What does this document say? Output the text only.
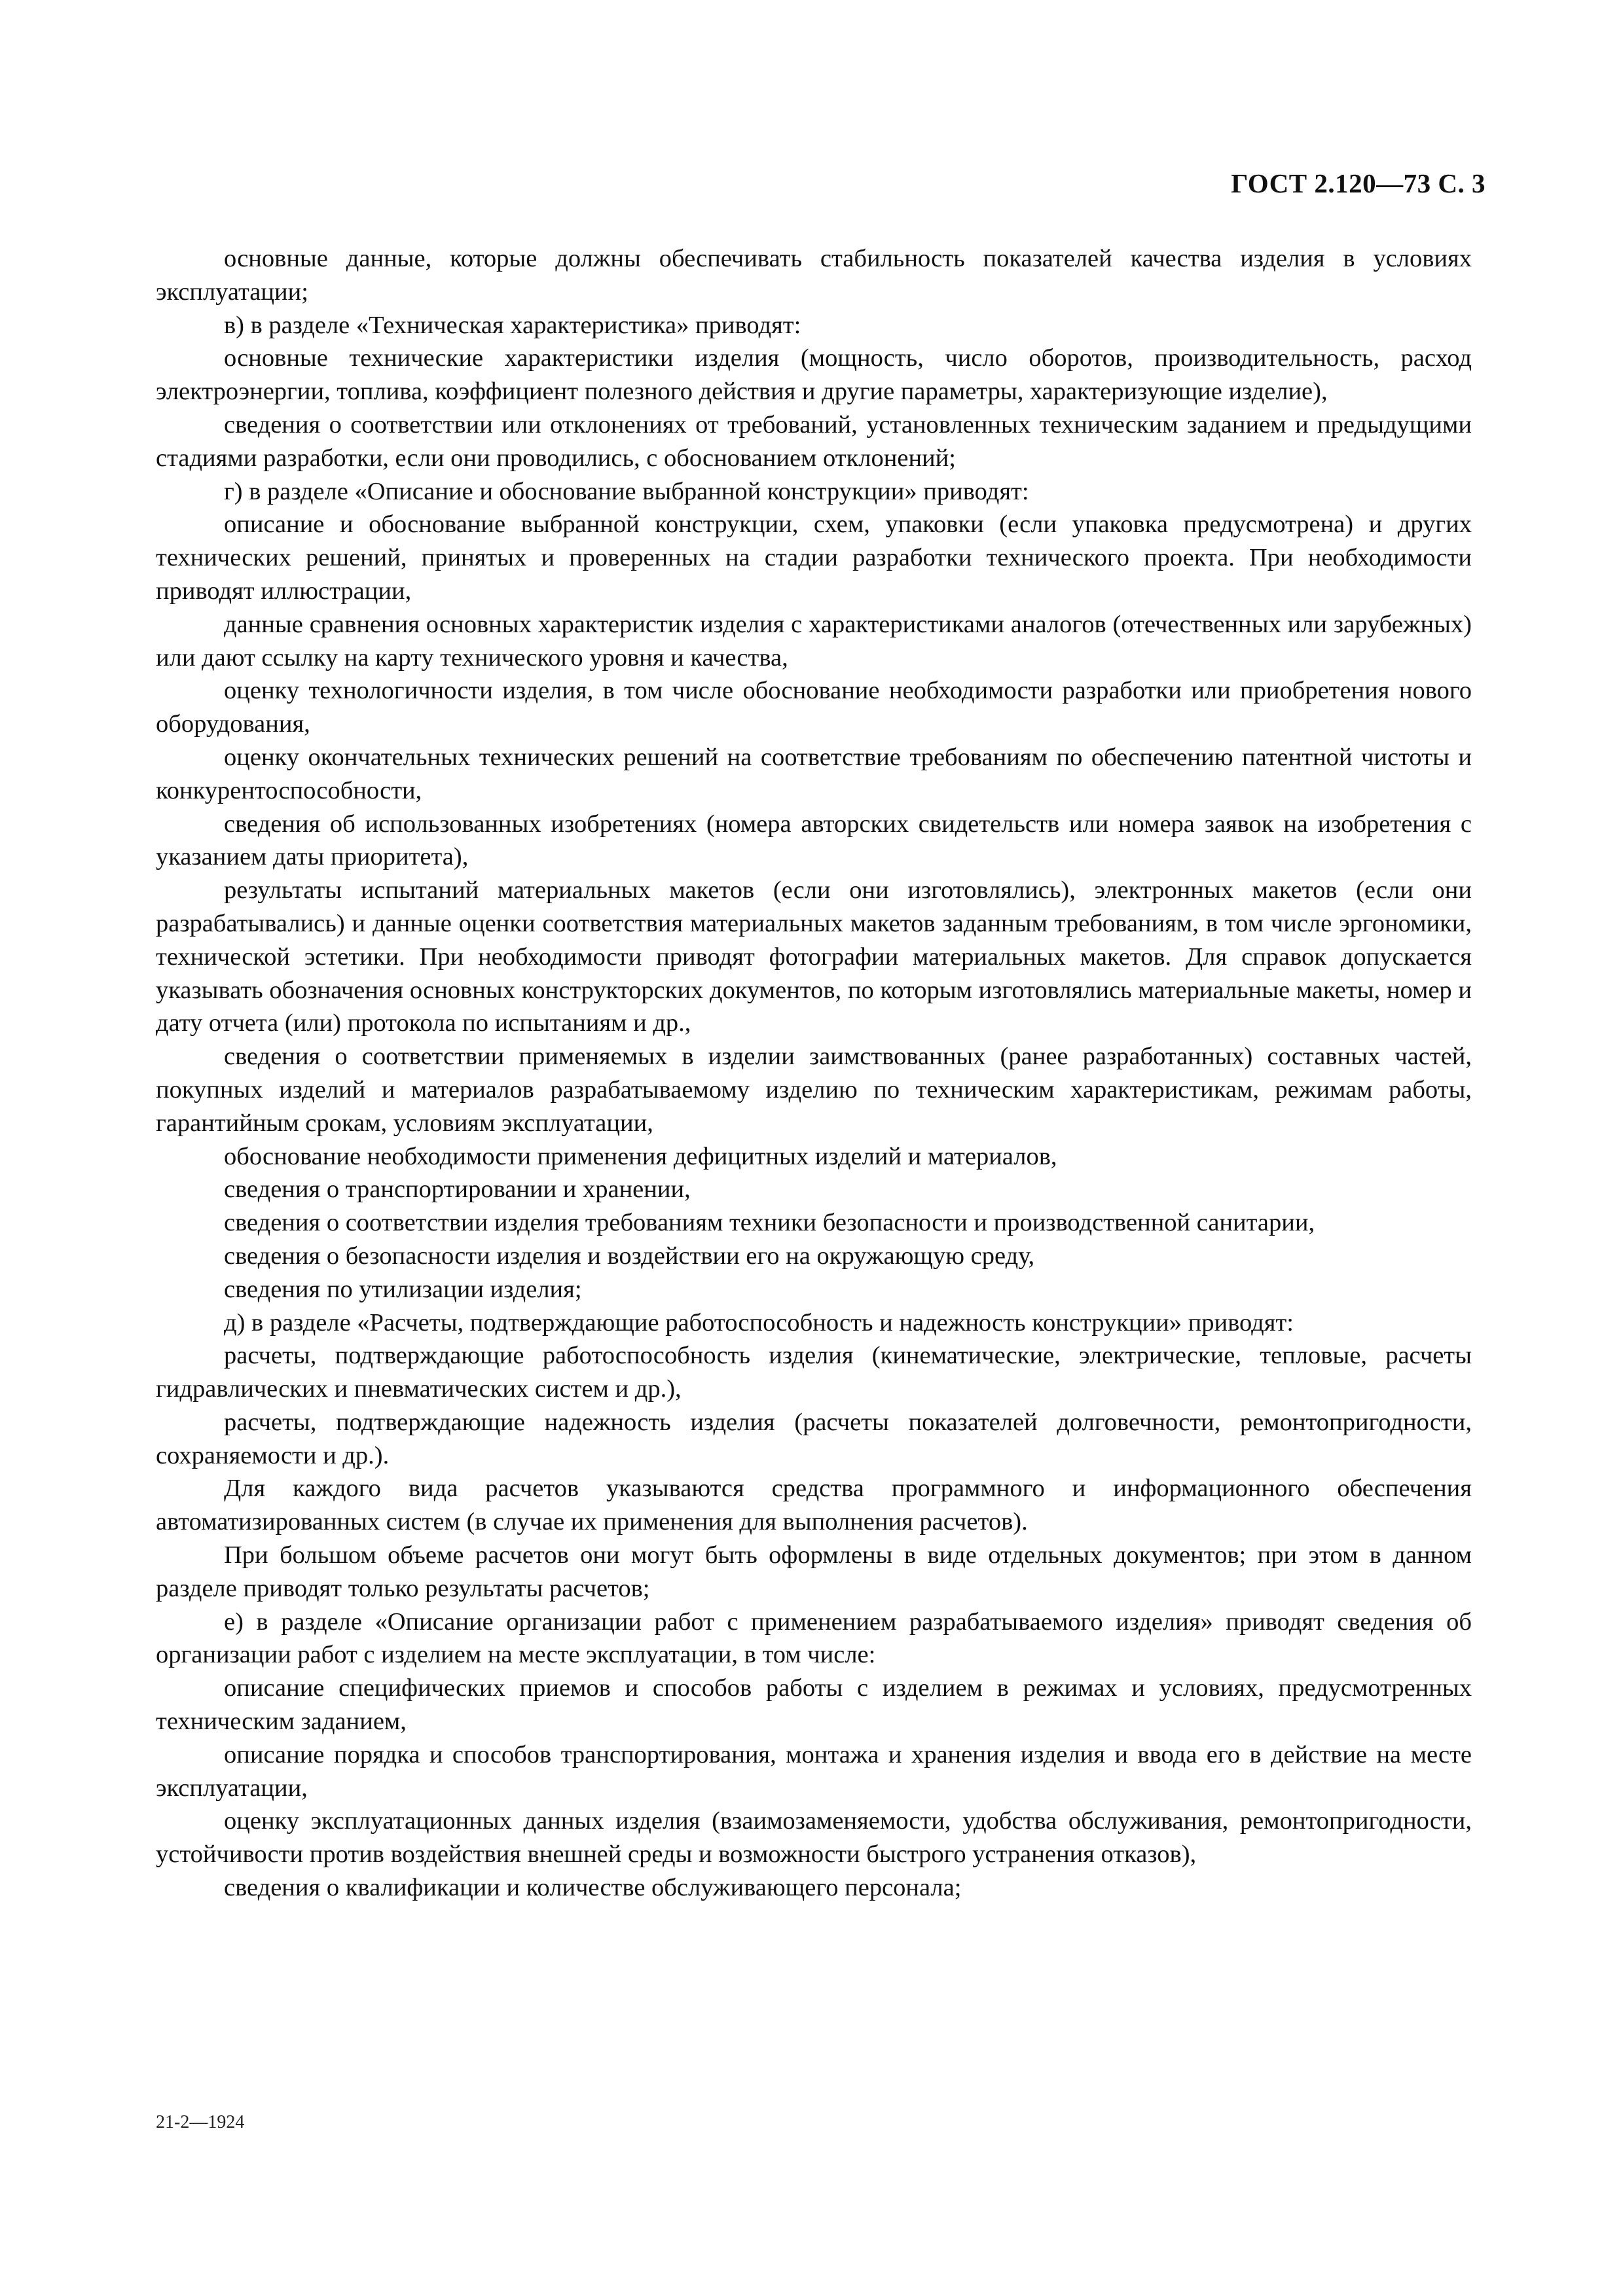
ГОСТ 2.120—73 С. 3

основные данные, которые должны обеспечивать стабильность показателей качества изделия в условиях эксплуатации;

в) в разделе «Техническая характеристика» приводят:

основные технические характеристики изделия (мощность, число оборотов, производительность, расход электроэнергии, топлива, коэффициент полезного действия и другие параметры, характеризующие изделие),

сведения о соответствии или отклонениях от требований, установленных техническим заданием и предыдущими стадиями разработки, если они проводились, с обоснованием отклонений;

г) в разделе «Описание и обоснование выбранной конструкции» приводят:

описание и обоснование выбранной конструкции, схем, упаковки (если упаковка предусмотрена) и других технических решений, принятых и проверенных на стадии разработки технического проекта. При необходимости приводят иллюстрации,

данные сравнения основных характеристик изделия с характеристиками аналогов (отечественных или зарубежных) или дают ссылку на карту технического уровня и качества,

оценку технологичности изделия, в том числе обоснование необходимости разработки или приобретения нового оборудования,

оценку окончательных технических решений на соответствие требованиям по обеспечению патентной чистоты и конкурентоспособности,

сведения об использованных изобретениях (номера авторских свидетельств или номера заявок на изобретения с указанием даты приоритета),

результаты испытаний материальных макетов (если они изготовлялись), электронных макетов (если они разрабатывались) и данные оценки соответствия материальных макетов заданным требованиям, в том числе эргономики, технической эстетики. При необходимости приводят фотографии материальных макетов. Для справок допускается указывать обозначения основных конструкторских документов, по которым изготовлялись материальные макеты, номер и дату отчета (или) протокола по испытаниям и др.,

сведения о соответствии применяемых в изделии заимствованных (ранее разработанных) составных частей, покупных изделий и материалов разрабатываемому изделию по техническим характеристикам, режимам работы, гарантийным срокам, условиям эксплуатации,

обоснование необходимости применения дефицитных изделий и материалов,

сведения о транспортировании и хранении,

сведения о соответствии изделия требованиям техники безопасности и производственной санитарии,

сведения о безопасности изделия и воздействии его на окружающую среду,

сведения по утилизации изделия;

д) в разделе «Расчеты, подтверждающие работоспособность и надежность конструкции» приводят:

расчеты, подтверждающие работоспособность изделия (кинематические, электрические, тепловые, расчеты гидравлических и пневматических систем и др.),

расчеты, подтверждающие надежность изделия (расчеты показателей долговечности, ремонтопригодности, сохраняемости и др.).

Для каждого вида расчетов указываются средства программного и информационного обеспечения автоматизированных систем (в случае их применения для выполнения расчетов).

При большом объеме расчетов они могут быть оформлены в виде отдельных документов; при этом в данном разделе приводят только результаты расчетов;

е) в разделе «Описание организации работ с применением разрабатываемого изделия» приводят сведения об организации работ с изделием на месте эксплуатации, в том числе:

описание специфических приемов и способов работы с изделием в режимах и условиях, предусмотренных техническим заданием,

описание порядка и способов транспортирования, монтажа и хранения изделия и ввода его в действие на месте эксплуатации,

оценку эксплуатационных данных изделия (взаимозаменяемости, удобства обслуживания, ремонтопригодности, устойчивости против воздействия внешней среды и возможности быстрого устранения отказов),

сведения о квалификации и количестве обслуживающего персонала;

21-2—1924
